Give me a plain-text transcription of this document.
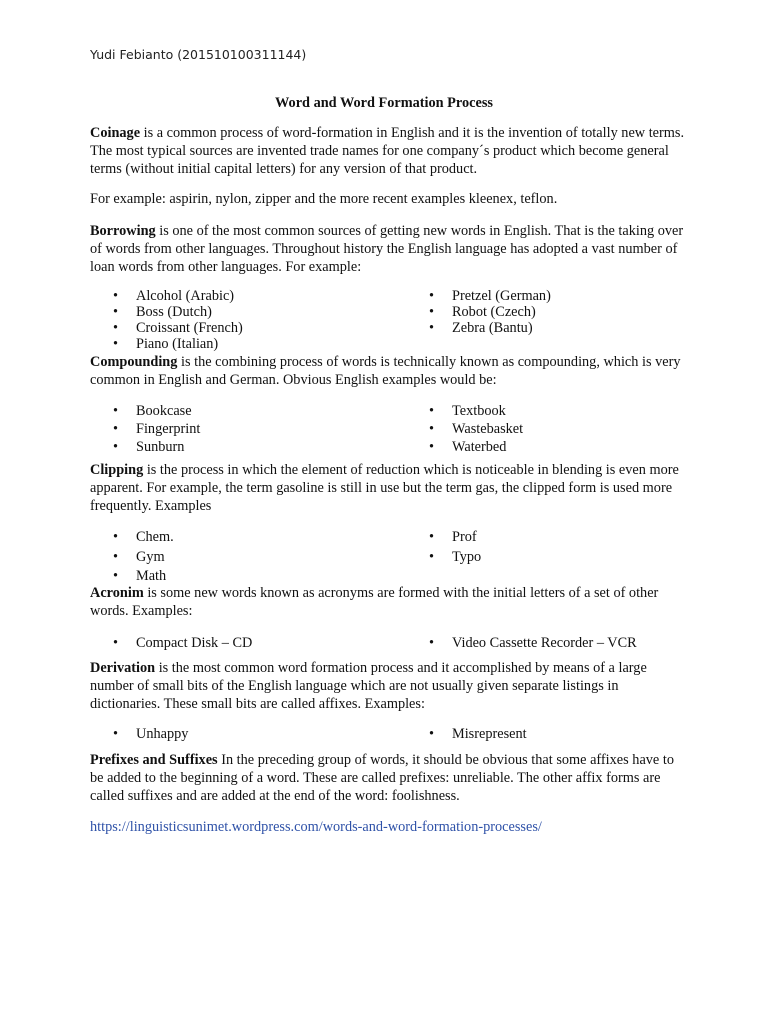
Yudi Febianto (201510100311144)
Word and Word Formation Process

Coinage is a common process of word-formation in English and it is the invention of totally new terms. The most typical sources are invented trade names for one company´s product which become general terms (without initial capital letters) for any version of that product.

For example: aspirin, nylon, zipper and the more recent examples kleenex, teflon.

Borrowing is one of the most common sources of getting new words in English. That is the taking over of words from other languages. Throughout history the English language has adopted a vast number of loan words from other languages. For example:

• Alcohol (Arabic)
• Boss (Dutch)
• Croissant (French)
• Piano (Italian)
• Pretzel (German)
• Robot (Czech)
• Zebra (Bantu)

Compounding is the combining process of words is technically known as compounding, which is very common in English and German. Obvious English examples would be:

• Bookcase
• Fingerprint
• Sunburn
• Textbook
• Wastebasket
• Waterbed

Clipping is the process in which the element of reduction which is noticeable in blending is even more apparent. For example, the term gasoline is still in use but the term gas, the clipped form is used more frequently. Examples

• Chem.
• Gym
• Math
• Prof
• Typo

Acronim is some new words known as acronyms are formed with the initial letters of a set of other words. Examples:

• Compact Disk – CD	• Video Cassette Recorder – VCR

Derivation is the most common word formation process and it accomplished by means of a large number of small bits of the English language which are not usually given separate listings in dictionaries. These small bits are called affixes. Examples:

• Unhappy	• Misrepresent

Prefixes and Suffixes In the preceding group of words, it should be obvious that some affixes have to be added to the beginning of a word. These are called prefixes: unreliable. The other affix forms are called suffixes and are added at the end of the word: foolishness.

https://linguisticsunimet.wordpress.com/words-and-word-formation-processes/
